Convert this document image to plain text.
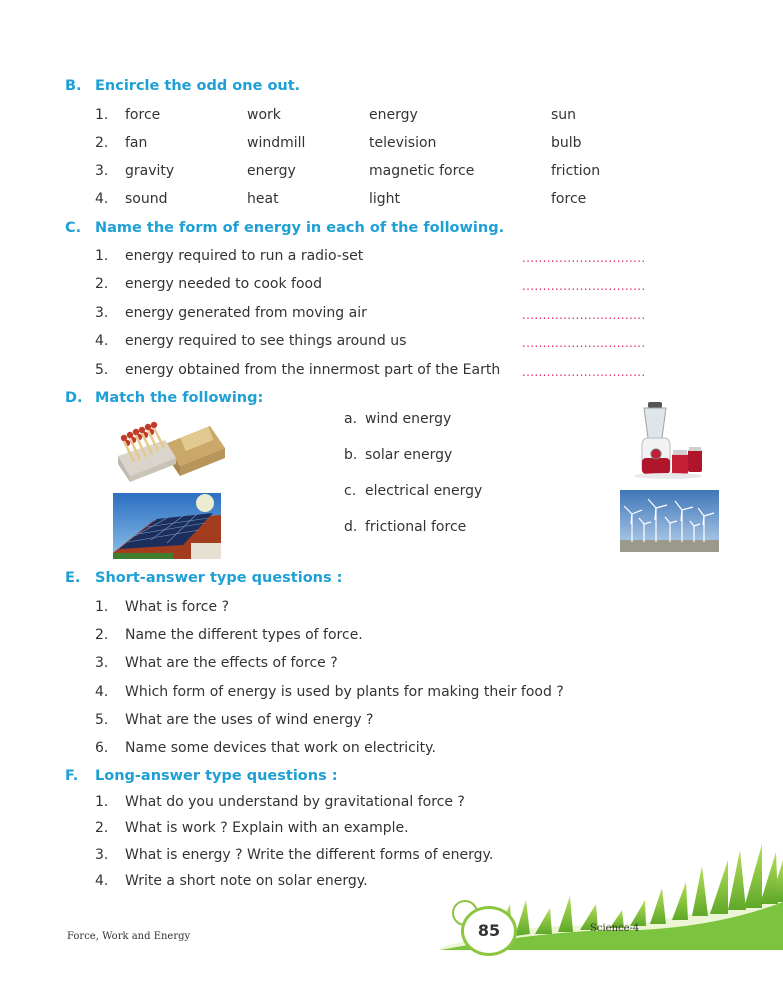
B. Encircle the odd one out.
1. force	work	energy	sun
2. fan	windmill	television	bulb
3. gravity	energy	magnetic force	friction
4. sound	heat	light	force
C. Name the form of energy in each of the following.
1. energy required to run a radio-set	..............................
2. energy needed to cook food	..............................
3. energy generated from moving air	..............................
4. energy required to see things around us	..............................
5. energy obtained from the innermost part of the Earth ..............................
D. Match the following:
a. wind energy
b. solar energy
c. electrical energy
d. frictional force
E. Short-answer type questions :
1. What is force ?
2. Name the different types of force.
3. What are the effects of force ?
4. Which form of energy is used by plants for making their food ?
5. What are the uses of wind energy ?
6. Name some devices that work on electricity.
F. Long-answer type questions :
1. What do you understand by gravitational force ?
2. What is work ? Explain with an example.
3. What is energy ? Write the different forms of energy.
4. Write a short note on solar energy.
85	Science-4
Force, Work and Energy
